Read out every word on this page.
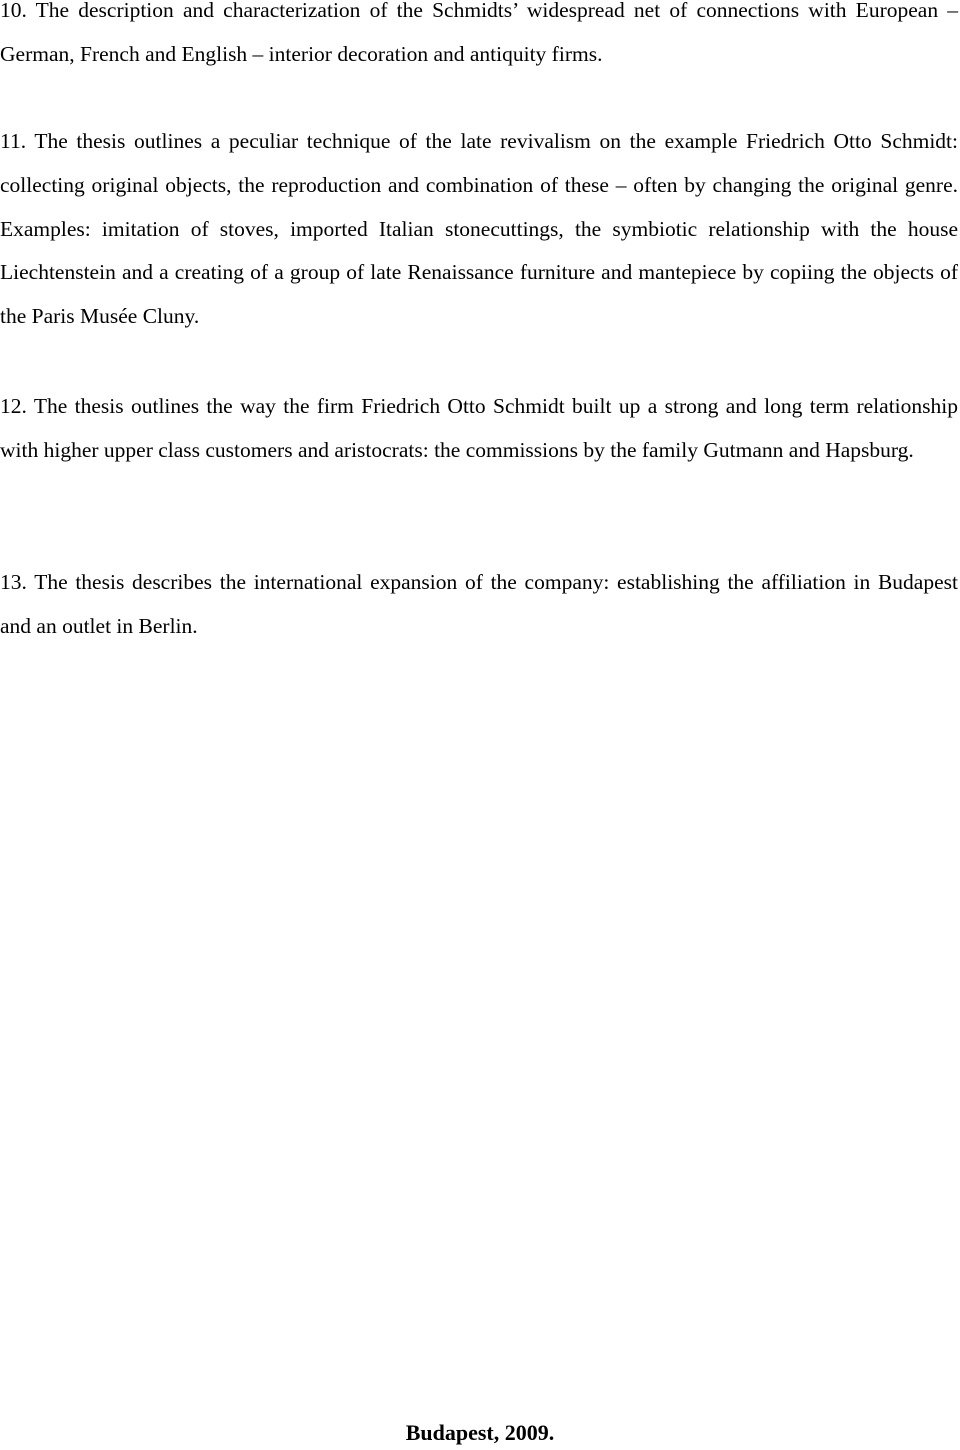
10. The description and characterization of the Schmidts’ widespread net of connections with European – German, French and English – interior decoration and antiquity firms.

11. The thesis outlines a peculiar technique of the late revivalism on the example Friedrich Otto Schmidt: collecting original objects, the reproduction and combination of these – often by changing the original genre. Examples: imitation of stoves, imported Italian stonecuttings, the symbiotic relationship with the house Liechtenstein and a creating of a group of late Renaissance furniture and mantepiece by copiing the objects of the Paris Musée Cluny.

12. The thesis outlines the way the firm Friedrich Otto Schmidt built up a strong and long term relationship with higher upper class customers and aristocrats: the commissions by the family Gutmann and Hapsburg.

13. The thesis describes the international expansion of the company: establishing the affiliation in Budapest and an outlet in Berlin.

Budapest, 2009.
